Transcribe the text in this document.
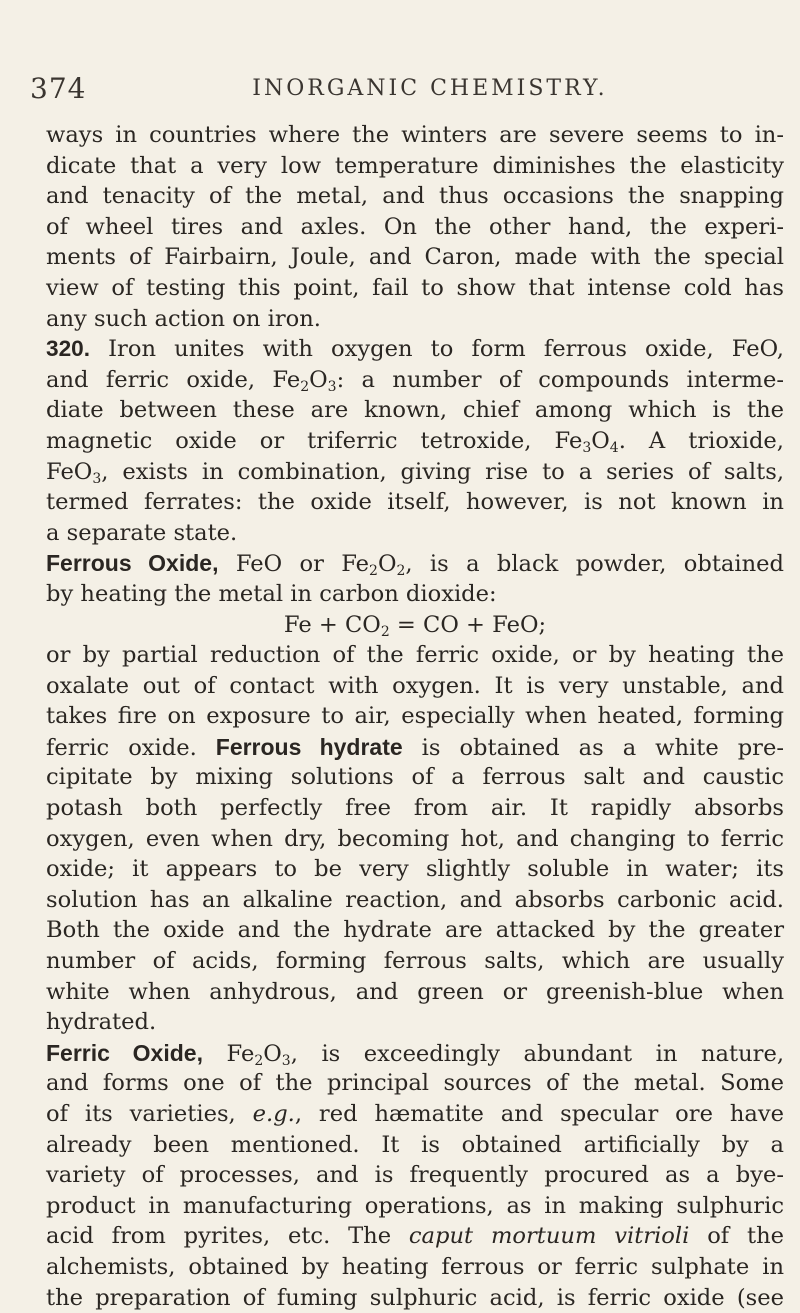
374	INORGANIC CHEMISTRY.
ways in countries where the winters are severe seems to in-
dicate that a very low temperature diminishes the elasticity
and tenacity of the metal, and thus occasions the snapping
of wheel tires and axles. On the other hand, the experi-
ments of Fairbairn, Joule, and Caron, made with the special
view of testing this point, fail to show that intense cold has
any such action on iron.
320. Iron unites with oxygen to form ferrous oxide, FeO,
and ferric oxide, $Fe_2O_3$: a number of compounds interme-
diate between these are known, chief among which is the
magnetic oxide or triferric tetroxide, $Fe_3O_4$. A trioxide,
FeO$_3$, exists in combination, giving rise to a series of salts,
termed ferrates: the oxide itself, however, is not known in
a separate state.
Ferrous Oxide, FeO or $Fe_2O_2$, is a black powder, obtained
by heating the metal in carbon dioxide:
$Fe + CO_2$ = CO + FeO;
or by partial reduction of the ferric oxide, or by heating the
oxalate out of contact with oxygen. It is very unstable, and
takes fire on exposure to air, especially when heated, forming
ferric oxide. Ferrous hydrate is obtained as a white pre-
cipitate by mixing solutions of a ferrous salt and caustic
potash both perfectly free from air. It rapidly absorbs
oxygen, even when dry, becoming hot, and changing to ferric
oxide; it appears to be very slightly soluble in water; its
solution has an alkaline reaction, and absorbs carbonic acid.
Both the oxide and the hydrate are attacked by the greater
number of acids, forming ferrous salts, which are usually
white when anhydrous, and green or greenish-blue when
hydrated.
Ferric Oxide, $Fe_2O_3$, is exceedingly abundant in nature,
and forms one of the principal sources of the metal. Some
of its varieties, e.g., red hæmatite and specular ore have
already been mentioned. It is obtained artificially by a
variety of processes, and is frequently procured as a bye-
product in manufacturing operations, as in making sulphuric
acid from pyrites, etc. The caput mortuum vitrioli of the
alchemists, obtained by heating ferrous or ferric sulphate in
the preparation of fuming sulphuric acid, is ferric oxide (see
